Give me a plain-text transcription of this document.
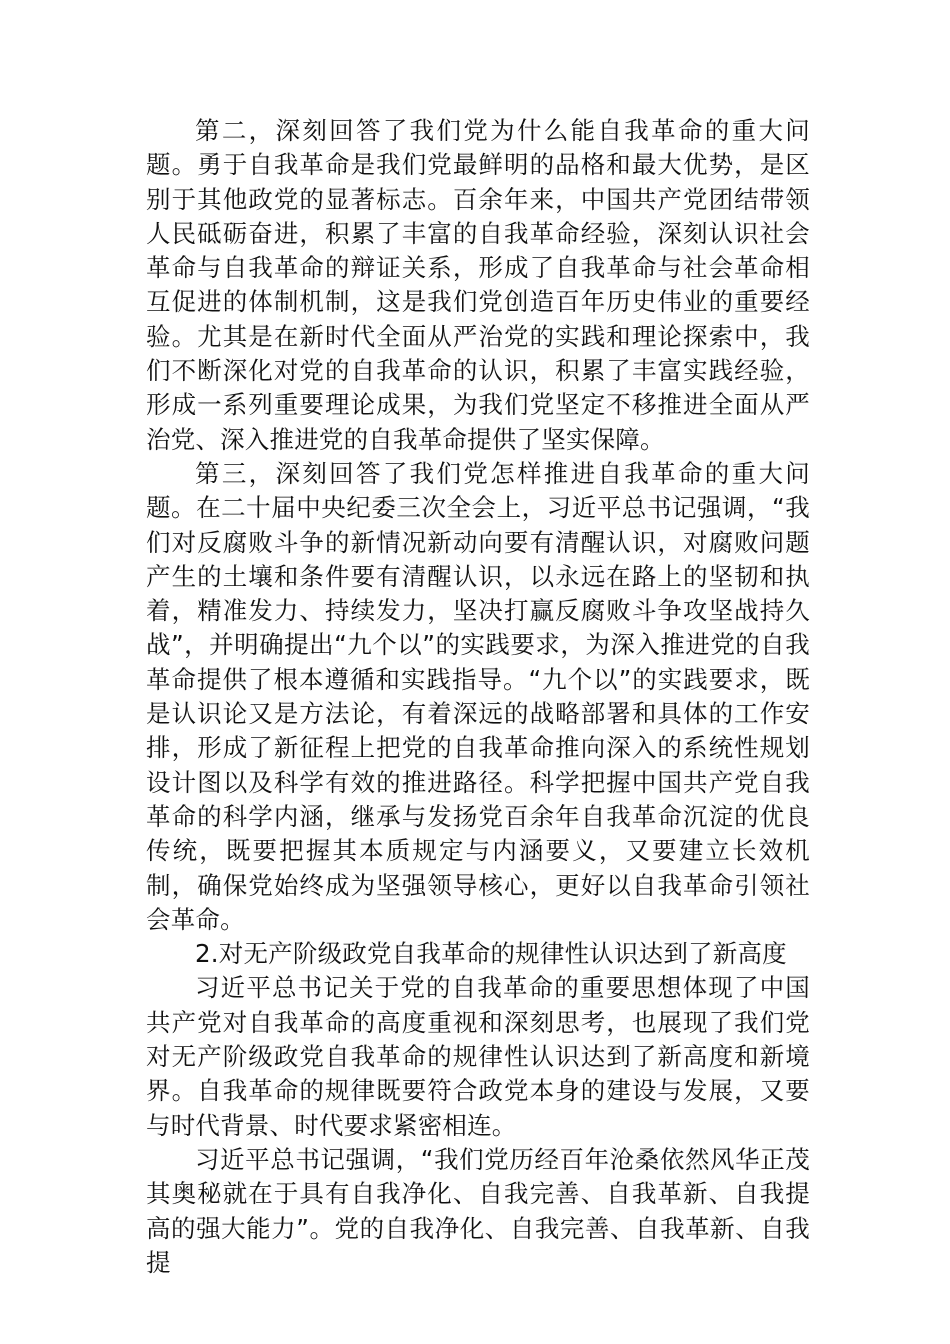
第二，深刻回答了我们党为什么能自我革命的重大问题。勇于自我革命是我们党最鲜明的品格和最大优势，是区别于其他政党的显著标志。百余年来，中国共产党团结带领人民砥砺奋进，积累了丰富的自我革命经验，深刻认识社会革命与自我革命的辩证关系，形成了自我革命与社会革命相互促进的体制机制，这是我们党创造百年历史伟业的重要经验。尤其是在新时代全面从严治党的实践和理论探索中，我们不断深化对党的自我革命的认识，积累了丰富实践经验，形成一系列重要理论成果，为我们党坚定不移推进全面从严治党、深入推进党的自我革命提供了坚实保障。

第三，深刻回答了我们党怎样推进自我革命的重大问题。在二十届中央纪委三次全会上，习近平总书记强调，“我们对反腐败斗争的新情况新动向要有清醒认识，对腐败问题产生的土壤和条件要有清醒认识，以永远在路上的坚韧和执着，精准发力、持续发力，坚决打赢反腐败斗争攻坚战持久战”，并明确提出“九个以”的实践要求，为深入推进党的自我革命提供了根本遵循和实践指导。“九个以”的实践要求，既是认识论又是方法论，有着深远的战略部署和具体的工作安排，形成了新征程上把党的自我革命推向深入的系统性规划设计图以及科学有效的推进路径。科学把握中国共产党自我革命的科学内涵，继承与发扬党百余年自我革命沉淀的优良传统，既要把握其本质规定与内涵要义，又要建立长效机制，确保党始终成为坚强领导核心，更好以自我革命引领社会革命。

2.对无产阶级政党自我革命的规律性认识达到了新高度

习近平总书记关于党的自我革命的重要思想体现了中国共产党对自我革命的高度重视和深刻思考，也展现了我们党对无产阶级政党自我革命的规律性认识达到了新高度和新境界。自我革命的规律既要符合政党本身的建设与发展，又要与时代背景、时代要求紧密相连。

习近平总书记强调，“我们党历经百年沧桑依然风华正茂其奥秘就在于具有自我净化、自我完善、自我革新、自我提高的强大能力”。党的自我净化、自我完善、自我革新、自我提
